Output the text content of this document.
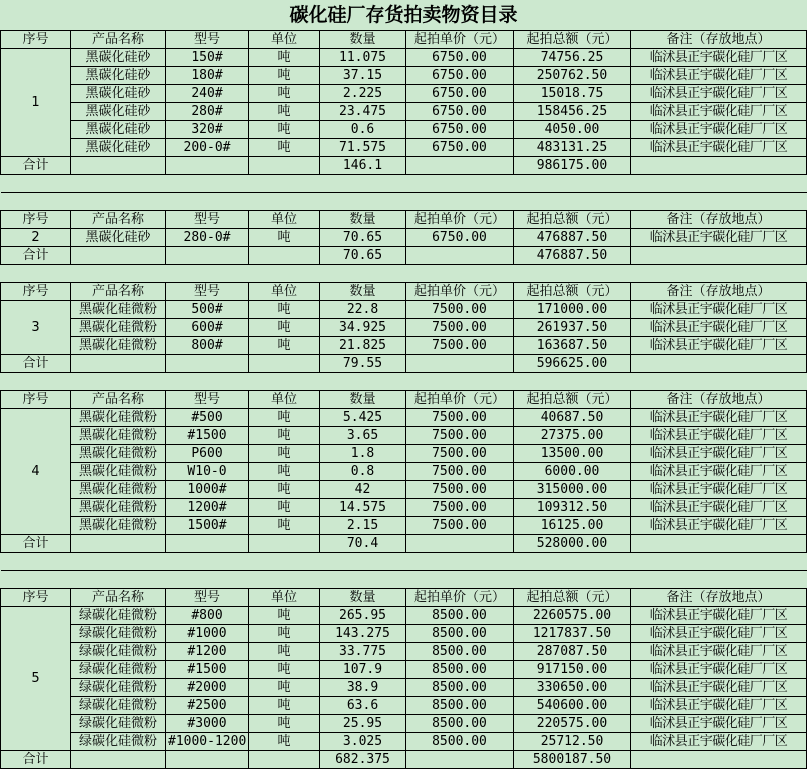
碳化硅厂存货拍卖物资目录
序号	产品名称	型号	单位	数量	起拍单价（元）	起拍总额（元）	备注（存放地点）
1	黑碳化硅砂	150#	吨	11.075	6750.00	74756.25	临沭县正宇碳化硅厂厂区
	黑碳化硅砂	180#	吨	37.15	6750.00	250762.50	临沭县正宇碳化硅厂厂区
	黑碳化硅砂	240#	吨	2.225	6750.00	15018.75	临沭县正宇碳化硅厂厂区
	黑碳化硅砂	280#	吨	23.475	6750.00	158456.25	临沭县正宇碳化硅厂厂区
	黑碳化硅砂	320#	吨	0.6	6750.00	4050.00	临沭县正宇碳化硅厂厂区
	黑碳化硅砂	200-0#	吨	71.575	6750.00	483131.25	临沭县正宇碳化硅厂厂区
合计				146.1		986175.00	

序号	产品名称	型号	单位	数量	起拍单价（元）	起拍总额（元）	备注（存放地点）
2	黑碳化硅砂	280-0#	吨	70.65	6750.00	476887.50	临沭县正宇碳化硅厂厂区
合计				70.65		476887.50	

序号	产品名称	型号	单位	数量	起拍单价（元）	起拍总额（元）	备注（存放地点）
3	黑碳化硅微粉	500#	吨	22.8	7500.00	171000.00	临沭县正宇碳化硅厂厂区
	黑碳化硅微粉	600#	吨	34.925	7500.00	261937.50	临沭县正宇碳化硅厂厂区
	黑碳化硅微粉	800#	吨	21.825	7500.00	163687.50	临沭县正宇碳化硅厂厂区
合计				79.55		596625.00	

序号	产品名称	型号	单位	数量	起拍单价（元）	起拍总额（元）	备注（存放地点）
4	黑碳化硅微粉	#500	吨	5.425	7500.00	40687.50	临沭县正宇碳化硅厂厂区
	黑碳化硅微粉	#1500	吨	3.65	7500.00	27375.00	临沭县正宇碳化硅厂厂区
	黑碳化硅微粉	P600	吨	1.8	7500.00	13500.00	临沭县正宇碳化硅厂厂区
	黑碳化硅微粉	W10-0	吨	0.8	7500.00	6000.00	临沭县正宇碳化硅厂厂区
	黑碳化硅微粉	1000#	吨	42	7500.00	315000.00	临沭县正宇碳化硅厂厂区
	黑碳化硅微粉	1200#	吨	14.575	7500.00	109312.50	临沭县正宇碳化硅厂厂区
	黑碳化硅微粉	1500#	吨	2.15	7500.00	16125.00	临沭县正宇碳化硅厂厂区
合计				70.4		528000.00	

序号	产品名称	型号	单位	数量	起拍单价（元）	起拍总额（元）	备注（存放地点）
5	绿碳化硅微粉	#800	吨	265.95	8500.00	2260575.00	临沭县正宇碳化硅厂厂区
	绿碳化硅微粉	#1000	吨	143.275	8500.00	1217837.50	临沭县正宇碳化硅厂厂区
	绿碳化硅微粉	#1200	吨	33.775	8500.00	287087.50	临沭县正宇碳化硅厂厂区
	绿碳化硅微粉	#1500	吨	107.9	8500.00	917150.00	临沭县正宇碳化硅厂厂区
	绿碳化硅微粉	#2000	吨	38.9	8500.00	330650.00	临沭县正宇碳化硅厂厂区
	绿碳化硅微粉	#2500	吨	63.6	8500.00	540600.00	临沭县正宇碳化硅厂厂区
	绿碳化硅微粉	#3000	吨	25.95	8500.00	220575.00	临沭县正宇碳化硅厂厂区
	绿碳化硅微粉	#1000-1200	吨	3.025	8500.00	25712.50	临沭县正宇碳化硅厂厂区
合计				682.375		5800187.50	
